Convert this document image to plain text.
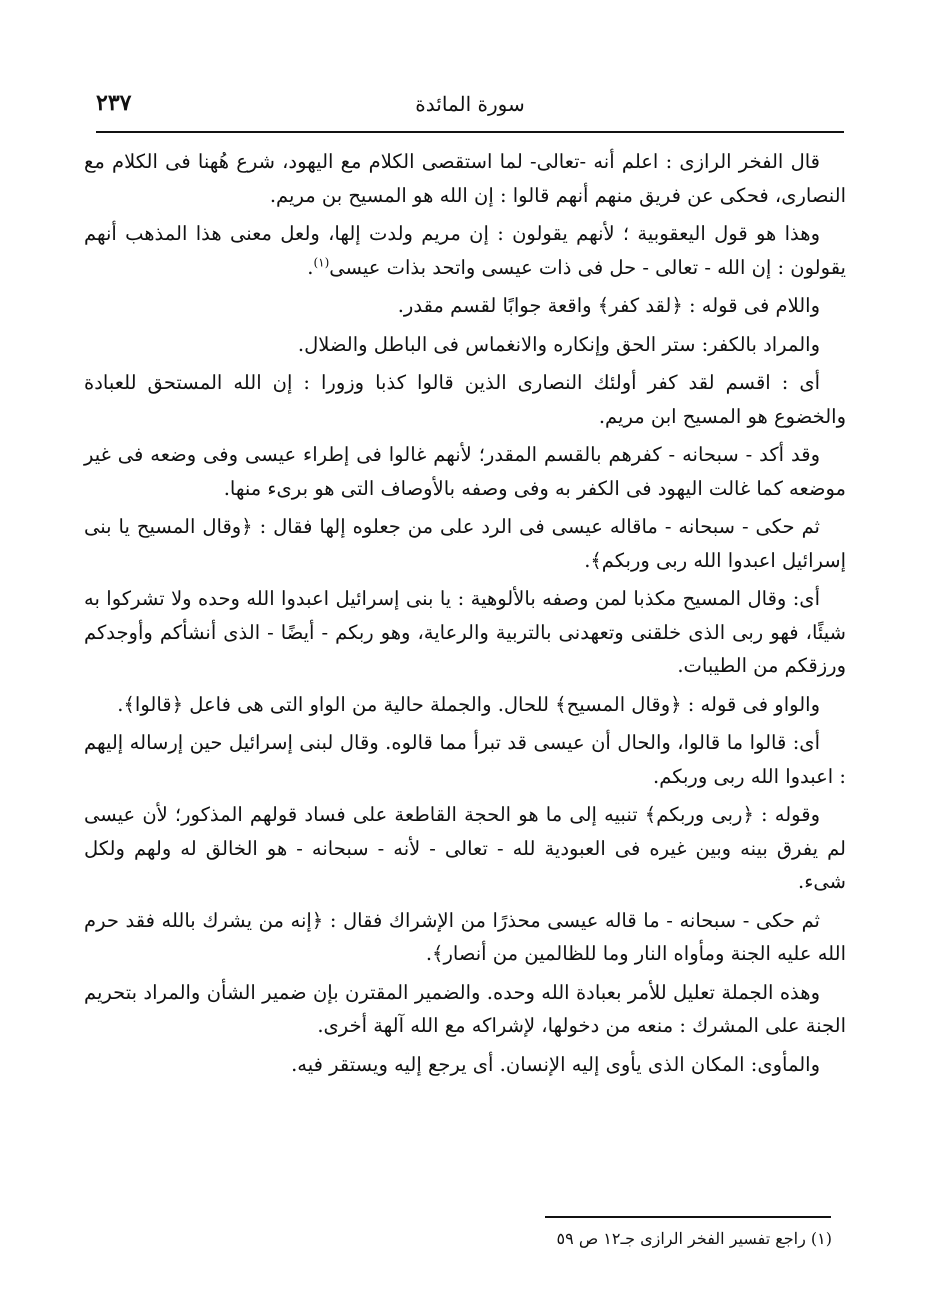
سورة المائدة
٢٣٧

قال الفخر الرازى : اعلم أنه -تعالى- لما استقصى الكلام مع اليهود، شرع هُهنا فى الكلام مع النصارى، فحكى عن فريق منهم أنهم قالوا : إن الله هو المسيح بن مريم.

وهذا هو قول اليعقوبية ؛ لأنهم يقولون : إن مريم ولدت إلها، ولعل معنى هذا المذهب أنهم يقولون : إن الله - تعالى - حل فى ذات عيسى واتحد بذات عيسى$^{(١)}$.

واللام فى قوله : ﴿لقد كفر﴾ واقعة جوابًا لقسم مقدر.

والمراد بالكفر: ستر الحق وإنكاره والانغماس فى الباطل والضلال.

أى : اقسم لقد كفر أولئك النصارى الذين قالوا كذبا وزورا : إن الله المستحق للعبادة والخضوع هو المسيح ابن مريم.

وقد أكد - سبحانه - كفرهم بالقسم المقدر؛ لأنهم غالوا فى إطراء عيسى وفى وضعه فى غير موضعه كما غالت اليهود فى الكفر به وفى وصفه بالأوصاف التى هو برىء منها.

ثم حكى - سبحانه - ماقاله عيسى فى الرد على من جعلوه إلها فقال : ﴿وقال المسيح يا بنى إسرائيل اعبدوا الله ربى وربكم﴾.

أى: وقال المسيح مكذبا لمن وصفه بالألوهية : يا بنى إسرائيل اعبدوا الله وحده ولا تشركوا به شيئًا، فهو ربى الذى خلقنى وتعهدنى بالتربية والرعاية، وهو ربكم - أيضًا - الذى أنشأكم وأوجدكم ورزقكم من الطيبات.

والواو فى قوله : ﴿وقال المسيح﴾ للحال. والجملة حالية من الواو التى هى فاعل ﴿قالوا﴾.

أى: قالوا ما قالوا، والحال أن عيسى قد تبرأ مما قالوه. وقال لبنى إسرائيل حين إرساله إليهم : اعبدوا الله ربى وربكم.

وقوله : ﴿ربى وربكم﴾ تنبيه إلى ما هو الحجة القاطعة على فساد قولهم المذكور؛ لأن عيسى لم يفرق بينه وبين غيره فى العبودية لله - تعالى - لأنه - سبحانه - هو الخالق له ولهم ولكل شىء.

ثم حكى - سبحانه - ما قاله عيسى محذرًا من الإشراك فقال : ﴿إنه من يشرك بالله فقد حرم الله عليه الجنة ومأواه النار وما للظالمين من أنصار﴾.

وهذه الجملة تعليل للأمر بعبادة الله وحده. والضمير المقترن بإن ضمير الشأن والمراد بتحريم الجنة على المشرك : منعه من دخولها، لإشراكه مع الله آلهة أخرى.

والمأوى: المكان الذى يأوى إليه الإنسان. أى يرجع إليه ويستقر فيه.

(١) راجع تفسير الفخر الرازى جـ١٢ ص ٥٩
